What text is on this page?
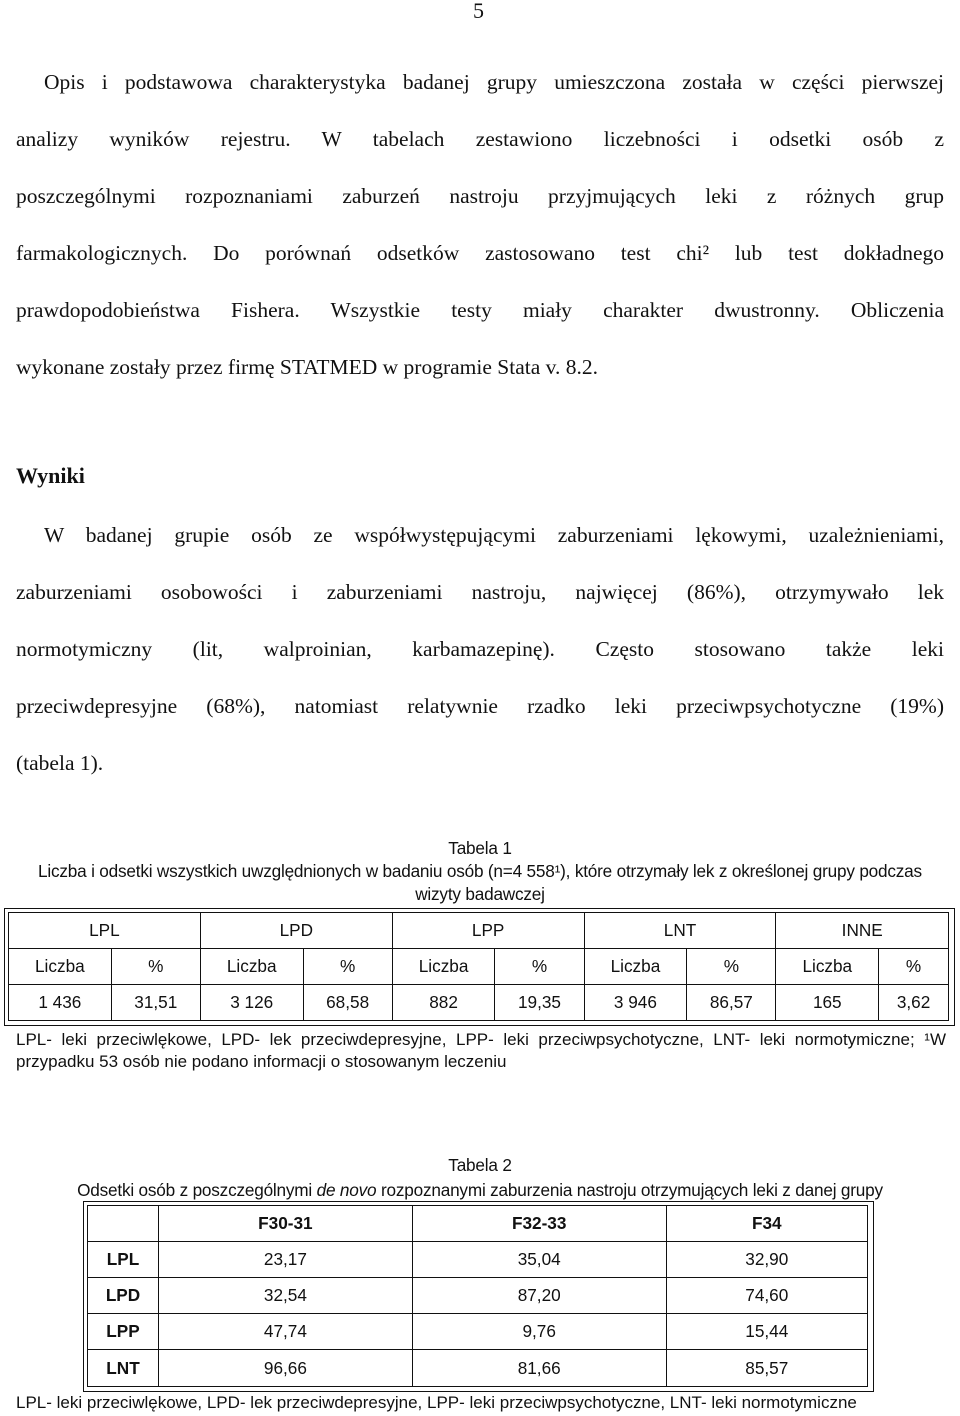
5
Opis i podstawowa charakterystyka badanej grupy umieszczona została w części pierwszej
analizy wyników rejestru. W tabelach zestawiono liczebności i odsetki osób z
poszczególnymi rozpoznaniami zaburzeń nastroju przyjmujących leki z różnych grup
farmakologicznych. Do porównań odsetków zastosowano test chi² lub test dokładnego
prawdopodobieństwa Fishera. Wszystkie testy miały charakter dwustronny. Obliczenia
wykonane zostały przez firmę STATMED w programie Stata v. 8.2.
Wyniki
W badanej grupie osób ze współwystępującymi zaburzeniami lękowymi, uzależnieniami,
zaburzeniami osobowości i zaburzeniami nastroju, najwięcej (86%), otrzymywało lek
normotymiczny (lit, walproinian, karbamazepinę). Często stosowano także leki
przeciwdepresyjne (68%), natomiast relatywnie rzadko leki przeciwpsychotyczne (19%)
(tabela 1).
Tabela 1
Liczba i odsetki wszystkich uwzględnionych w badaniu osób (n=4 558¹), które otrzymały lek z określonej grupy podczas
wizyty badawczej
LPL		LPD		LPP		LNT		INNE	
Liczba	%	Liczba	%	Liczba	%	Liczba	%	Liczba	%
1 436	31,51	3 126	68,58	882	19,35	3 946	86,57	165	3,62
LPL- leki przeciwlękowe, LPD- lek przeciwdepresyjne, LPP- leki przeciwpsychotyczne, LNT- leki normotymiczne; ¹W
przypadku 53 osób nie podano informacji o stosowanym leczeniu
Tabela 2
Odsetki osób z poszczególnymi de novo rozpoznanymi zaburzenia nastroju otrzymujących leki z danej grupy
	F30-31	F32-33	F34
LPL	23,17	35,04	32,90
LPD	32,54	87,20	74,60
LPP	47,74	9,76	15,44
LNT	96,66	81,66	85,57
LPL- leki przeciwlękowe, LPD- lek przeciwdepresyjne, LPP- leki przeciwpsychotyczne, LNT- leki normotymiczne
